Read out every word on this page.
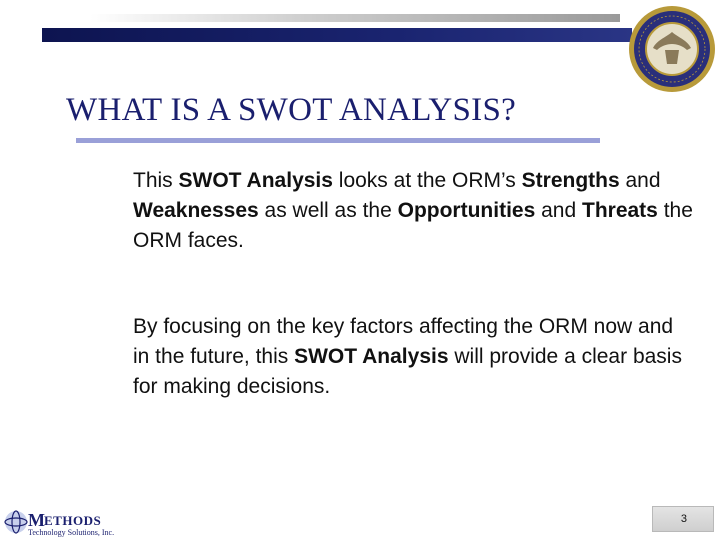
WHAT IS A SWOT ANALYSIS?

This SWOT Analysis looks at the ORM’s Strengths and Weaknesses as well as the Opportunities and Threats the ORM faces.

By focusing on the key factors affecting the ORM now and in the future, this SWOT Analysis will provide a clear basis for making decisions.

M ETHODS
Technology Solutions, Inc.
3
